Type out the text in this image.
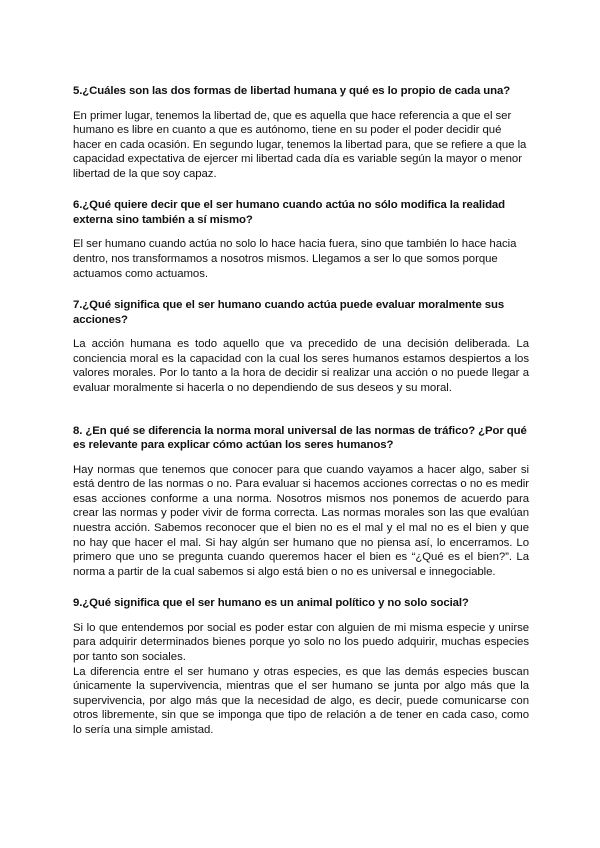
5.¿Cuáles son las dos formas de libertad humana y qué es lo propio de cada una?

En primer lugar, tenemos la libertad de, que es aquella que hace referencia a que el ser humano es libre en cuanto a que es autónomo, tiene en su poder el poder decidir qué hacer en cada ocasión. En segundo lugar, tenemos la libertad para, que se refiere a que la capacidad expectativa de ejercer mi libertad cada día es variable según la mayor o menor libertad de la que soy capaz.

6.¿Qué quiere decir que el ser humano cuando actúa no sólo modifica la realidad externa sino también a sí mismo?

El ser humano cuando actúa no solo lo hace hacia fuera, sino que también lo hace hacia dentro, nos transformamos a nosotros mismos. Llegamos a ser lo que somos porque actuamos como actuamos.

7.¿Qué significa que el ser humano cuando actúa puede evaluar moralmente sus acciones?

La acción humana es todo aquello que va precedido de una decisión deliberada. La conciencia moral es la capacidad con la cual los seres humanos estamos despiertos a los valores morales. Por lo tanto a la hora de decidir si realizar una acción o no puede llegar a evaluar moralmente si hacerla o no dependiendo de sus deseos y su moral.

8. ¿En qué se diferencia la norma moral universal de las normas de tráfico? ¿Por qué es relevante para explicar cómo actúan los seres humanos?

Hay normas que tenemos que conocer para que cuando vayamos a hacer algo, saber si está dentro de las normas o no. Para evaluar si hacemos acciones correctas o no es medir esas acciones conforme a una norma. Nosotros mismos nos ponemos de acuerdo para crear las normas y poder vivir de forma correcta. Las normas morales son las que evalúan nuestra acción. Sabemos reconocer que el bien no es el mal y el mal no es el bien y que no hay que hacer el mal. Si hay algún ser humano que no piensa así, lo encerramos. Lo primero que uno se pregunta cuando queremos hacer el bien es “¿Qué es el bien?”. La norma a partir de la cual sabemos si algo está bien o no es universal e innegociable.

9.¿Qué significa que el ser humano es un animal político y no solo social?

Si lo que entendemos por social es poder estar con alguien de mi misma especie y unirse para adquirir determinados bienes porque yo solo no los puedo adquirir, muchas especies por tanto son sociales.

La diferencia entre el ser humano y otras especies, es que las demás especies buscan únicamente la supervivencia, mientras que el ser humano se junta por algo más que la supervivencia, por algo más que la necesidad de algo, es decir, puede comunicarse con otros libremente, sin que se imponga que tipo de relación a de tener en cada caso, como lo sería una simple amistad.
